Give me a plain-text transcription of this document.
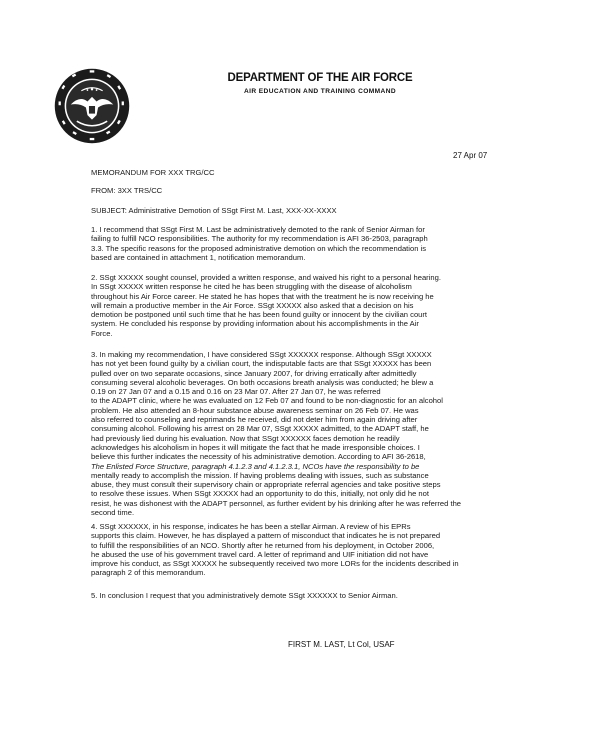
DEPARTMENT OF THE AIR FORCE
AIR EDUCATION AND TRAINING COMMAND
27 Apr 07
MEMORANDUM FOR XXX TRG/CC
FROM: 3XX TRS/CC
SUBJECT: Administrative Demotion of SSgt First M. Last, XXX-XX-XXXX
1. I recommend that SSgt First M. Last be administratively demoted to the rank of Senior Airman for
failing to fulfill NCO responsibilities. The authority for my recommendation is AFI 36-2503, paragraph
3.3. The specific reasons for the proposed administrative demotion on which the recommendation is
based are contained in attachment 1, notification memorandum.
2. SSgt XXXXX sought counsel, provided a written response, and waived his right to a personal hearing.
In SSgt XXXXX written response he cited he has been struggling with the disease of alcoholism
throughout his Air Force career. He stated he has hopes that with the treatment he is now receiving he
will remain a productive member in the Air Force. SSgt XXXXX also asked that a decision on his
demotion be postponed until such time that he has been found guilty or innocent by the civilian court
system. He concluded his response by providing information about his accomplishments in the Air
Force.
3. In making my recommendation, I have considered SSgt XXXXXX response. Although SSgt XXXXX
has not yet been found guilty by a civilian court, the indisputable facts are that SSgt XXXXX has been
pulled over on two separate occasions, since January 2007, for driving erratically after admittedly
consuming several alcoholic beverages. On both occasions breath analysis was conducted; he blew a
0.19 on 27 Jan 07 and a 0.15 and 0.16 on 23 Mar 07. After 27 Jan 07, he was referred
to the ADAPT clinic, where he was evaluated on 12 Feb 07 and found to be non-diagnostic for an alcohol
problem. He also attended an 8-hour substance abuse awareness seminar on 26 Feb 07. He was
also referred to counseling and reprimands he received, did not deter him from again driving after
consuming alcohol. Following his arrest on 28 Mar 07, SSgt XXXXX admitted, to the ADAPT staff, he
had previously lied during his evaluation. Now that SSgt XXXXXX faces demotion he readily
acknowledges his alcoholism in hopes it will mitigate the fact that he made irresponsible choices. I
believe this further indicates the necessity of his administrative demotion. According to AFI 36-2618,
The Enlisted Force Structure, paragraph 4.1.2.3 and 4.1.2.3.1, NCOs have the responsibility to be
mentally ready to accomplish the mission. If having problems dealing with issues, such as substance
abuse, they must consult their supervisory chain or appropriate referral agencies and take positive steps
to resolve these issues. When SSgt XXXXX had an opportunity to do this, initially, not only did he not
resist, he was dishonest with the ADAPT personnel, as further evident by his drinking after he was referred the
second time.
4. SSgt XXXXXX, in his response, indicates he has been a stellar Airman. A review of his EPRs
supports this claim. However, he has displayed a pattern of misconduct that indicates he is not prepared
to fulfill the responsibilities of an NCO. Shortly after he returned from his deployment, in October 2006,
he abused the use of his government travel card. A letter of reprimand and UIF initiation did not have
improve his conduct, as SSgt XXXXX he subsequently received two more LORs for the incidents described in
paragraph 2 of this memorandum.
5. In conclusion I request that you administratively demote SSgt XXXXXX to Senior Airman.
FIRST M. LAST, Lt Col, USAF
